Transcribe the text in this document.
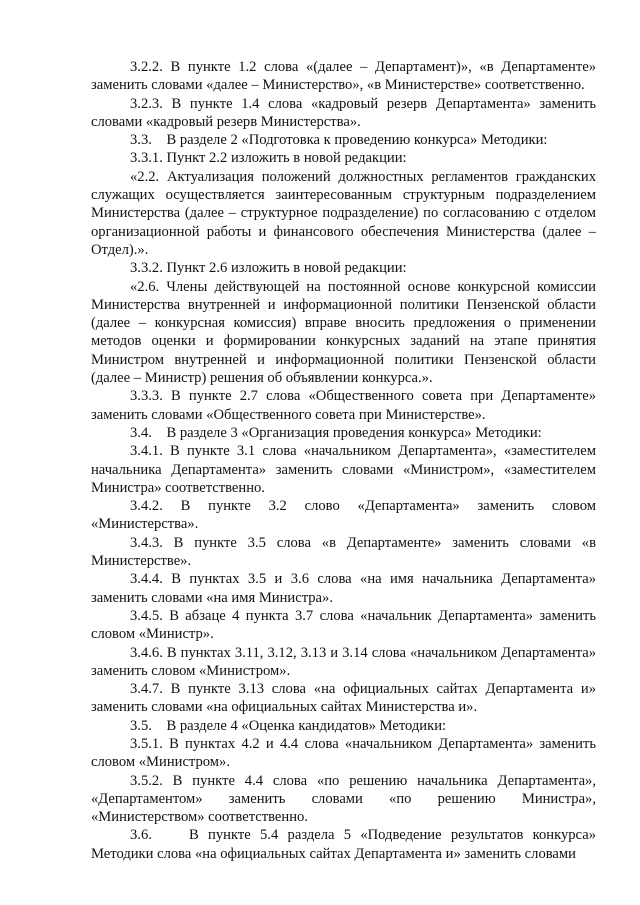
3.2.2. В пункте 1.2 слова «(далее – Департамент)», «в Департаменте» заменить словами «далее – Министерство», «в Министерстве» соответственно.

3.2.3. В пункте 1.4 слова «кадровый резерв Департамента» заменить словами «кадровый резерв Министерства».

3.3.    В разделе 2 «Подготовка к проведению конкурса» Методики:

3.3.1. Пункт 2.2 изложить в новой редакции:

«2.2. Актуализация положений должностных регламентов гражданских служащих осуществляется заинтересованным структурным подразделением Министерства (далее – структурное подразделение) по согласованию с отделом организационной работы и финансового обеспечения Министерства (далее – Отдел).».

3.3.2. Пункт 2.6 изложить в новой редакции:

«2.6. Члены действующей на постоянной основе конкурсной комиссии Министерства внутренней и информационной политики Пензенской области (далее – конкурсная комиссия) вправе вносить предложения о применении методов оценки и формировании конкурсных заданий на этапе принятия Министром внутренней и информационной политики Пензенской области (далее – Министр) решения об объявлении конкурса.».

3.3.3. В пункте 2.7 слова «Общественного совета при Департаменте» заменить словами «Общественного совета при Министерстве».

3.4.    В разделе 3 «Организация проведения конкурса» Методики:

3.4.1. В пункте 3.1 слова «начальником Департамента», «заместителем начальника Департамента» заменить словами «Министром», «заместителем Министра» соответственно.

3.4.2. В пункте 3.2 слово «Департамента» заменить словом «Министерства».

3.4.3. В пункте 3.5 слова «в Департаменте» заменить словами «в Министерстве».

3.4.4. В пунктах 3.5 и 3.6 слова «на имя начальника Департамента» заменить словами «на имя Министра».

3.4.5. В абзаце 4 пункта 3.7 слова «начальник Департамента» заменить словом «Министр».

3.4.6. В пунктах 3.11, 3.12, 3.13 и 3.14 слова «начальником Департамента» заменить словом «Министром».

3.4.7. В пункте 3.13 слова «на официальных сайтах Департамента и» заменить словами «на официальных сайтах Министерства и».

3.5.    В разделе 4 «Оценка кандидатов» Методики:

3.5.1. В пунктах 4.2 и 4.4 слова «начальником Департамента» заменить словом «Министром».

3.5.2. В пункте 4.4 слова «по решению начальника Департамента», «Департаментом» заменить словами «по решению Министра», «Министерством» соответственно.

3.6.    В пункте 5.4 раздела 5 «Подведение результатов конкурса» Методики слова «на официальных сайтах Департамента и» заменить словами
